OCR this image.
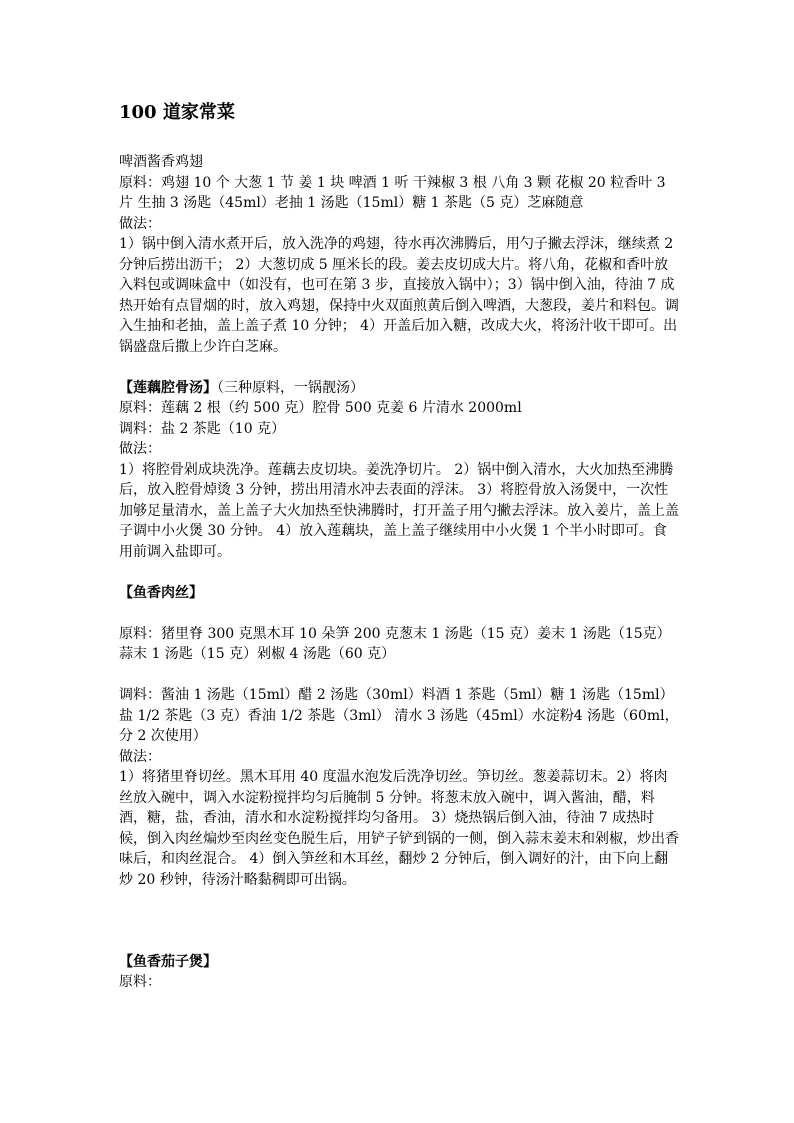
100 道家常菜

啤酒酱香鸡翅

原料：鸡翅 10 个 大葱 1 节 姜 1 块 啤酒 1 听 干辣椒 3 根 八角 3 颗 花椒 20 粒香叶 3 片 生抽 3 汤匙（45ml）老抽 1 汤匙（15ml）糖 1 茶匙（5 克）芝麻随意

做法：

1）锅中倒入清水煮开后，放入洗净的鸡翅，待水再次沸腾后，用勺子撇去浮沫，继续煮 2 分钟后捞出沥干； 2）大葱切成 5 厘米长的段。姜去皮切成大片。将八角，花椒和香叶放入料包或调味盒中（如没有，也可在第 3 步，直接放入锅中）；3）锅中倒入油，待油 7 成热开始有点冒烟的时，放入鸡翅，保持中火双面煎黄后倒入啤酒，大葱段，姜片和料包。调入生抽和老抽，盖上盖子煮 10 分钟； 4）开盖后加入糖，改成大火，将汤汁收干即可。出锅盛盘后撒上少许白芝麻。

【莲藕腔骨汤】（三种原料，一锅靓汤）

原料：莲藕 2 根（约 500 克）腔骨 500 克姜 6 片清水 2000ml

调料：盐 2 茶匙（10 克）

做法：

1）将腔骨剁成块洗净。莲藕去皮切块。姜洗净切片。 2）锅中倒入清水，大火加热至沸腾后，放入腔骨焯烫 3 分钟，捞出用清水冲去表面的浮沫。 3）将腔骨放入汤煲中，一次性加够足量清水，盖上盖子大火加热至快沸腾时，打开盖子用勺撇去浮沫。放入姜片，盖上盖子调中小火煲 30 分钟。 4）放入莲藕块，盖上盖子继续用中小火煲 1 个半小时即可。食用前调入盐即可。

【鱼香肉丝】

原料：猪里脊 300 克黑木耳 10 朵笋 200 克葱末 1 汤匙（15 克）姜末 1 汤匙（15克）蒜末 1 汤匙（15 克）剁椒 4 汤匙（60 克）

调料：酱油 1 汤匙（15ml）醋 2 汤匙（30ml）料酒 1 茶匙（5ml）糖 1 汤匙（15ml）盐 1/2 茶匙（3 克）香油 1/2 茶匙（3ml） 清水 3 汤匙（45ml）水淀粉4 汤匙（60ml，分 2 次使用）

做法：

1）将猪里脊切丝。黑木耳用 40 度温水泡发后洗净切丝。笋切丝。葱姜蒜切末。2）将肉丝放入碗中，调入水淀粉搅拌均匀后腌制 5 分钟。将葱末放入碗中，调入酱油，醋，料酒，糖，盐，香油，清水和水淀粉搅拌均匀备用。 3）烧热锅后倒入油，待油 7 成热时候，倒入肉丝煸炒至肉丝变色脱生后，用铲子铲到锅的一侧，倒入蒜末姜末和剁椒，炒出香味后，和肉丝混合。 4）倒入笋丝和木耳丝，翻炒 2 分钟后，倒入调好的汁，由下向上翻炒 20 秒钟，待汤汁略黏稠即可出锅。

【鱼香茄子煲】

原料：
